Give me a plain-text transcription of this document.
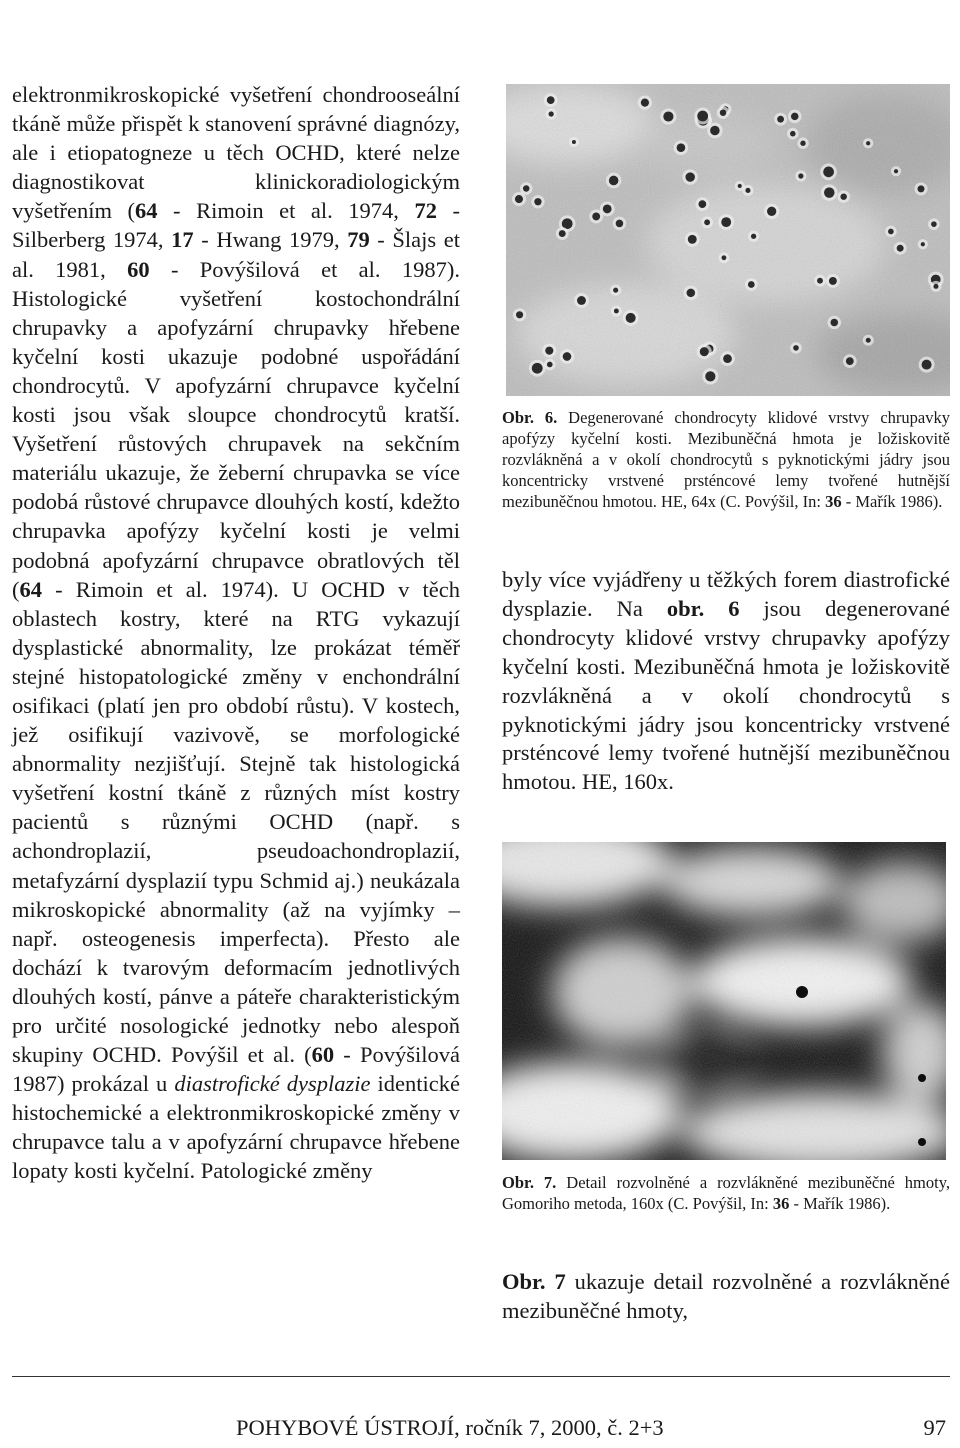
elektronmikroskopické vyšetření chondrooseální tkáně může přispět k stanovení správné diagnózy, ale i etiopatogneze u těch OCHD, které nelze diagnostikovat klinickoradiologickým vyšetřením (64 - Rimoin et al. 1974, 72 - Silberberg 1974, 17 - Hwang 1979, 79 - Šlajs et al. 1981, 60 - Povýšilová et al. 1987). Histologické vyšetření kostochondrální chrupavky a apofyzární chrupavky hřebene kyčelní kosti ukazuje podobné uspořádání chondrocytů. V apofyzární chrupavce kyčelní kosti jsou však sloupce chondrocytů kratší. Vyšetření růstových chrupavek na sekčním materiálu ukazuje, že žeberní chrupavka se více podobá růstové chrupavce dlouhých kostí, kdežto chrupavka apofýzy kyčelní kosti je velmi podobná apofyzární chrupavce obratlových těl (64 - Rimoin et al. 1974). U OCHD v těch oblastech kostry, které na RTG vykazují dysplastické abnormality, lze prokázat téměř stejné histopatologické změny v enchondrální osifikaci (platí jen pro období růstu). V kostech, jež osifikují vazivově, se morfologické abnormality nezjišťují. Stejně tak histologická vyšetření kostní tkáně z různých míst kostry pacientů s různými OCHD (např. s achondroplazií, pseudoachondroplazií, metafyzární dysplazií typu Schmid aj.) neukázala mikroskopické abnormality (až na vyjímky – např. osteogenesis imperfecta). Přesto ale dochází k tvarovým deformacím jednotlivých dlouhých kostí, pánve a páteře charakteristickým pro určité nosologické jednotky nebo alespoň skupiny OCHD. Povýšil et al. (60 - Povýšilová 1987) prokázal u diastrofické dysplazie identické histochemické a elektronmikroskopické změny v chrupavce talu a v apofyzární chrupavce hřebene lopaty kosti kyčelní. Patologické změny

Obr. 6. Degenerované chondrocyty klidové vrstvy chrupavky apofýzy kyčelní kosti. Mezibuněčná hmota je ložiskovitě rozvlákněná a v okolí chondrocytů s pyknotickými jádry jsou koncentricky vrstvené prsténcové lemy tvořené hutnější mezibuněčnou hmotou. HE, 64x (C. Povýšil, In: 36 - Mařík 1986).

byly více vyjádřeny u těžkých forem diastrofické dysplazie. Na obr. 6 jsou degenerované chondrocyty klidové vrstvy chrupavky apofýzy kyčelní kosti. Mezibuněčná hmota je ložiskovitě rozvlákněná a v okolí chondrocytů s pyknotickými jádry jsou koncentricky vrstvené prsténcové lemy tvořené hutnější mezibuněčnou hmotou. HE, 160x.

Obr. 7. Detail rozvolněné a rozvlákněné mezibuněčné hmoty, Gomoriho metoda, 160x (C. Povýšil, In: 36 - Mařík 1986).

Obr. 7 ukazuje detail rozvolněné a rozvlákněné mezibuněčné hmoty,

POHYBOVÉ ÚSTROJÍ, ročník 7, 2000, č. 2+3	97
